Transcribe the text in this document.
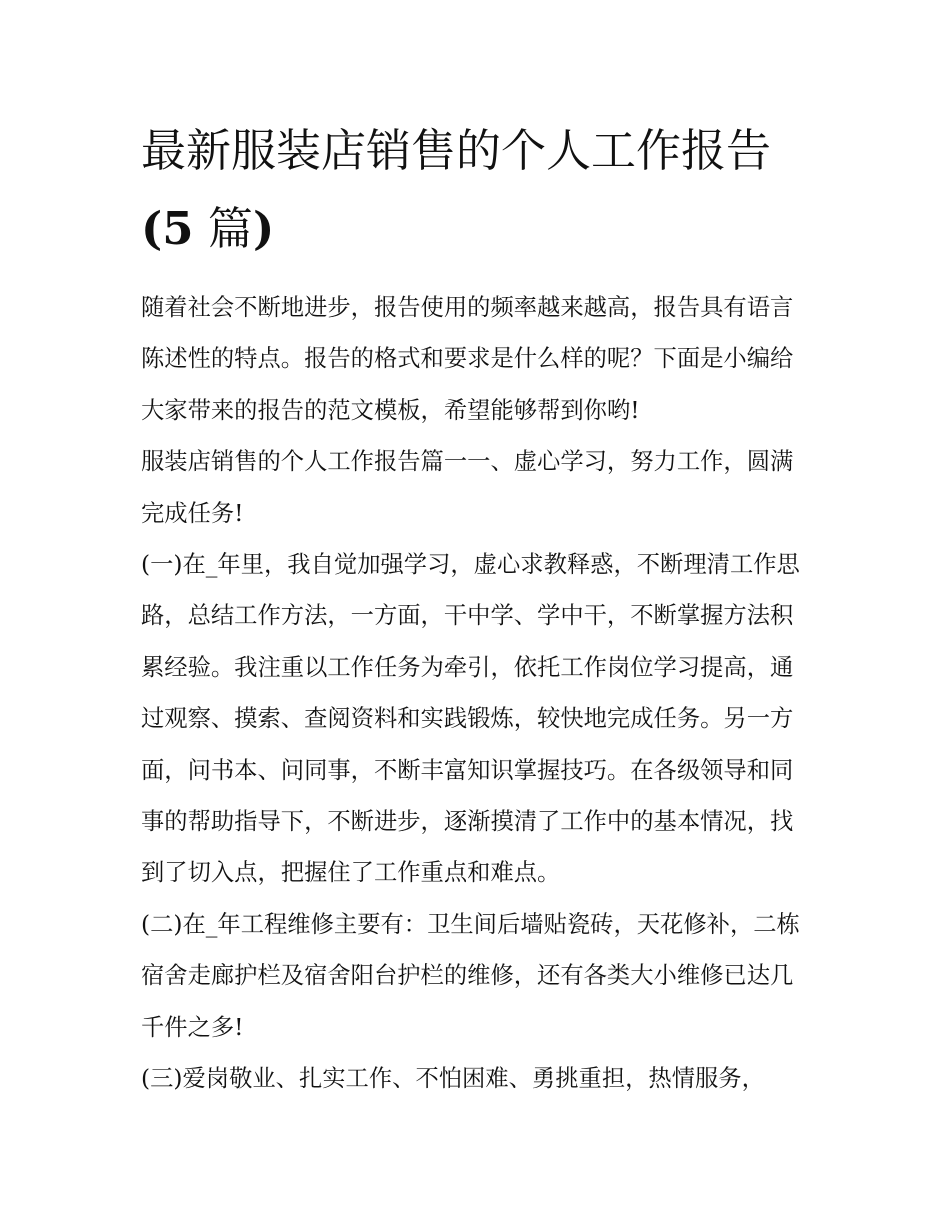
最新服装店销售的个人工作报告
(5 篇)

随着社会不断地进步，报告使用的频率越来越高，报告具有语言陈述性的特点。报告的格式和要求是什么样的呢？下面是小编给大家带来的报告的范文模板，希望能够帮到你哟!

服装店销售的个人工作报告篇一一、虚心学习，努力工作，圆满完成任务!

(一)在_年里，我自觉加强学习，虚心求教释惑，不断理清工作思路，总结工作方法，一方面，干中学、学中干，不断掌握方法积累经验。我注重以工作任务为牵引，依托工作岗位学习提高，通过观察、摸索、查阅资料和实践锻炼，较快地完成任务。另一方面，问书本、问同事，不断丰富知识掌握技巧。在各级领导和同事的帮助指导下，不断进步，逐渐摸清了工作中的基本情况，找到了切入点，把握住了工作重点和难点。

(二)在_年工程维修主要有：卫生间后墙贴瓷砖，天花修补，二栋宿舍走廊护栏及宿舍阳台护栏的维修，还有各类大小维修已达几千件之多!

(三)爱岗敬业、扎实工作、不怕困难、勇挑重担，热情服务，
